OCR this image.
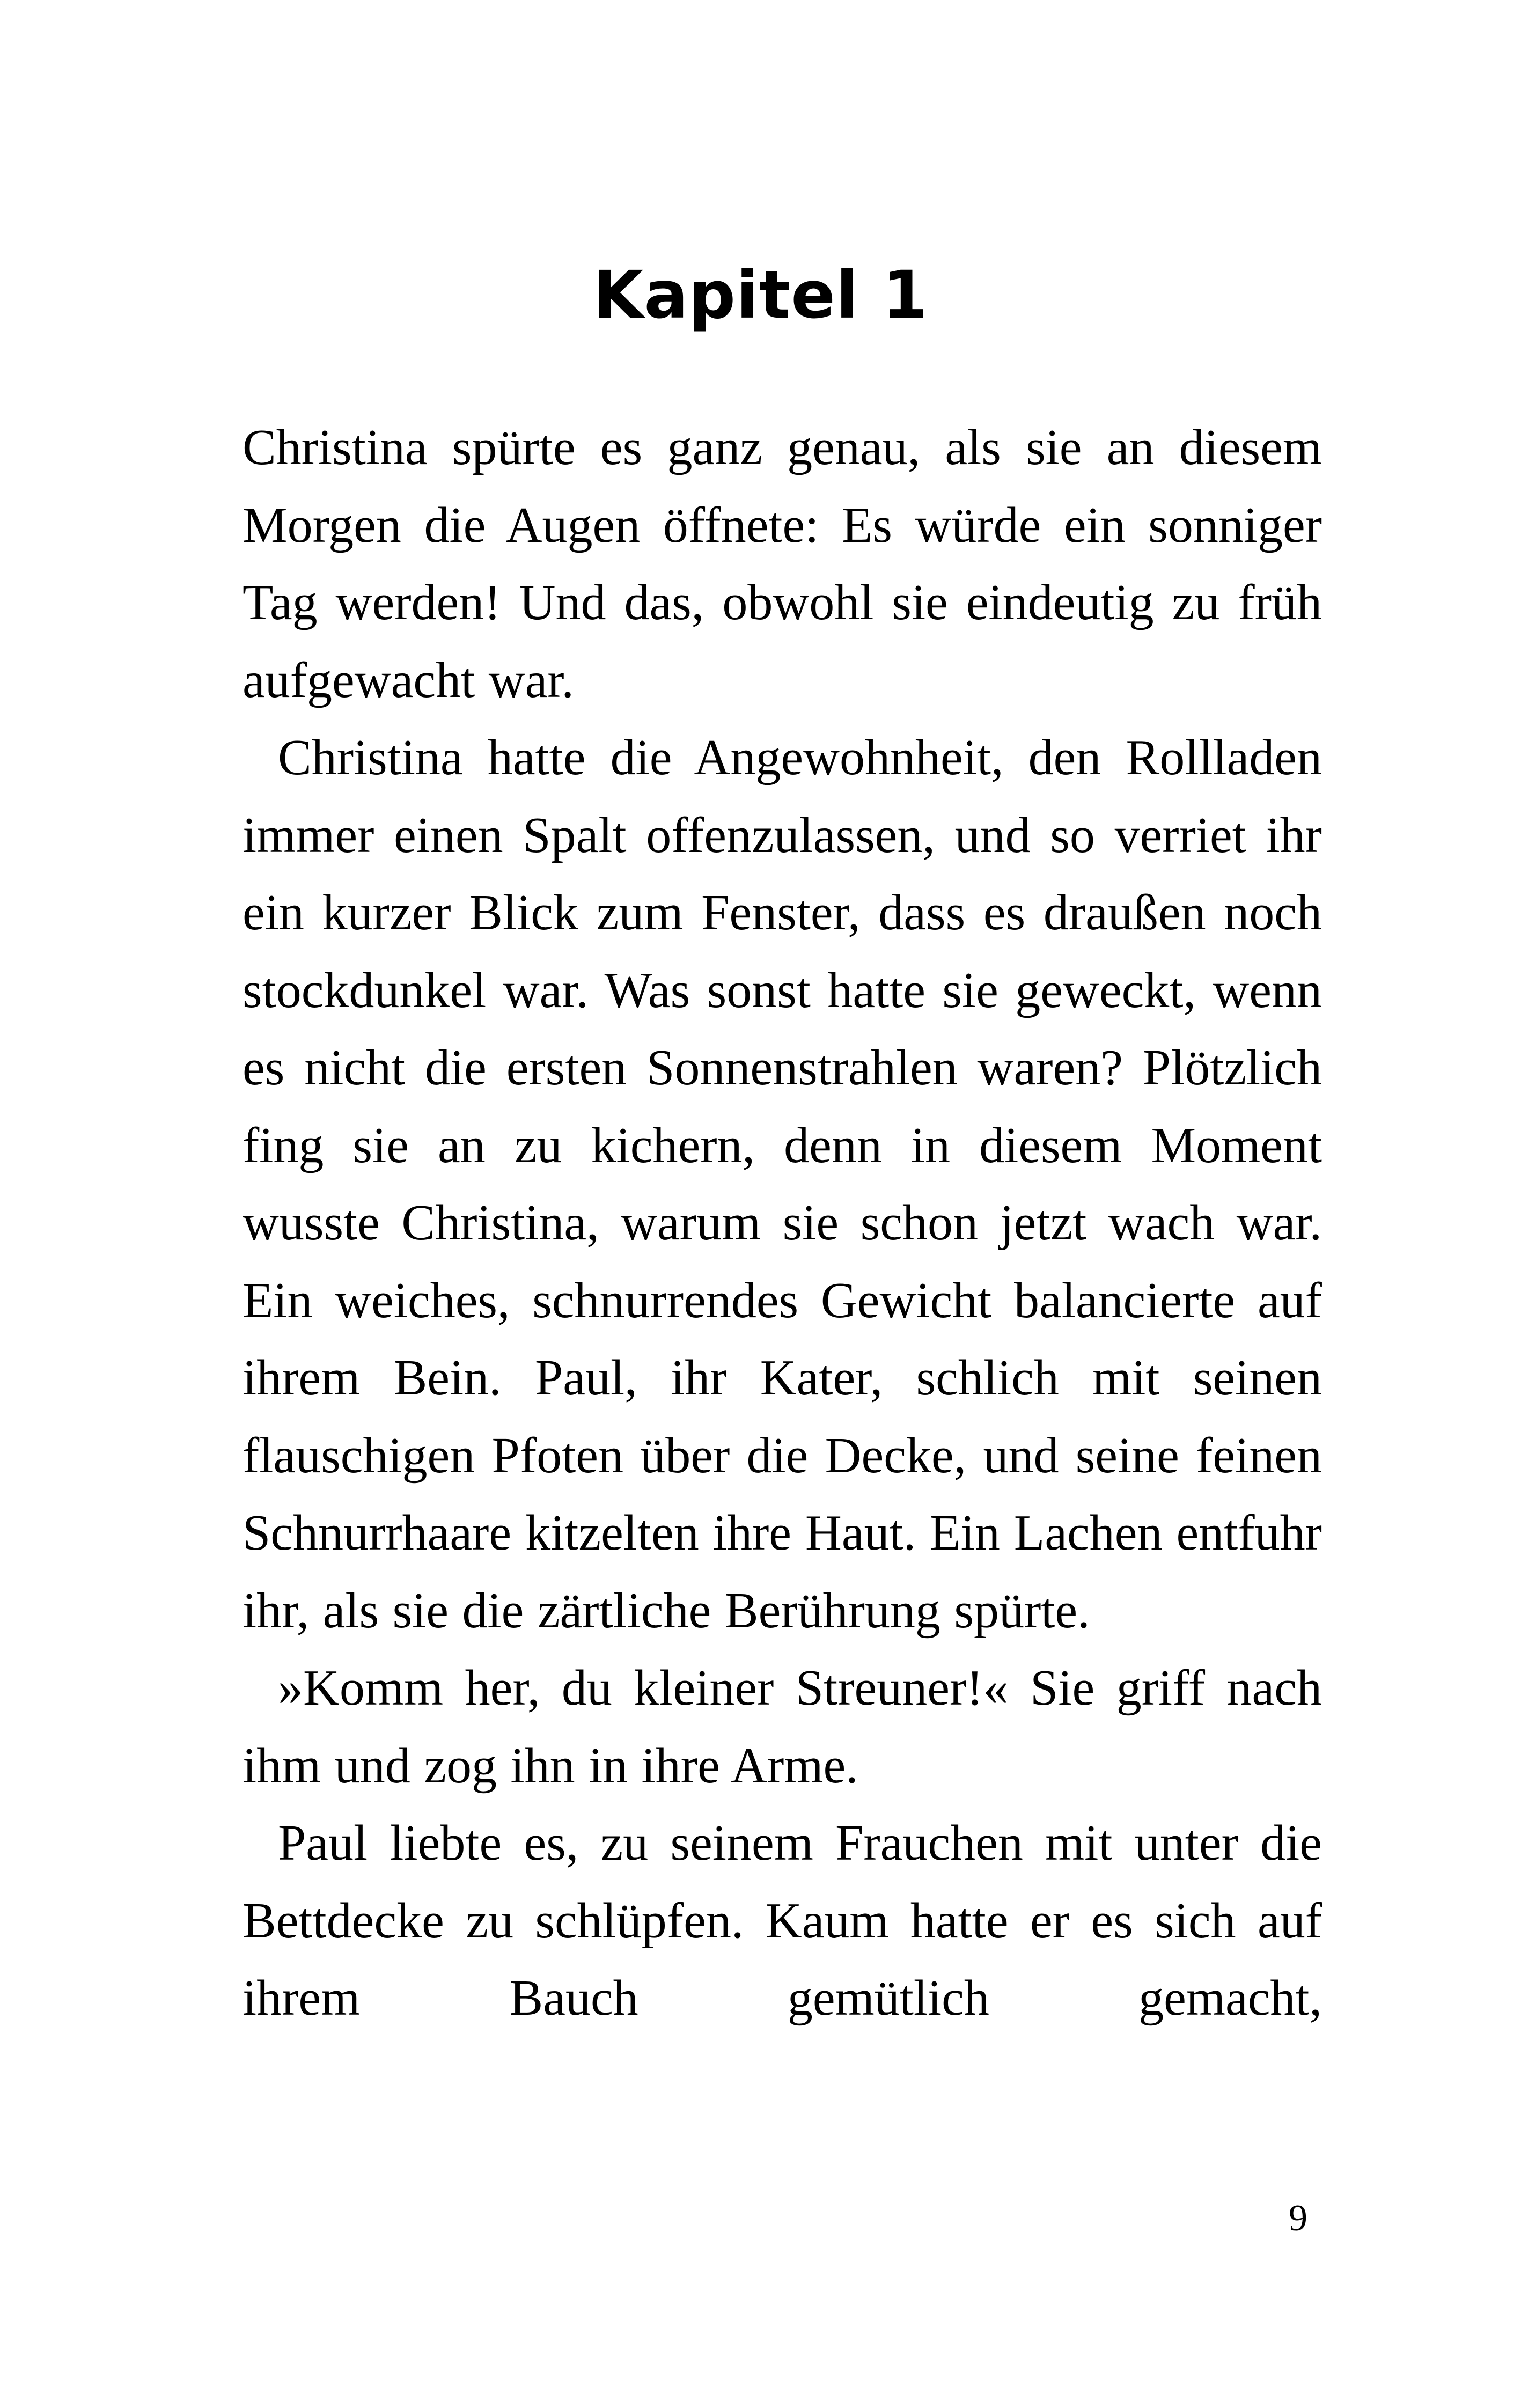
Kapitel 1

Christina spürte es ganz genau, als sie an diesem Morgen die Augen öffnete: Es würde ein sonniger Tag werden! Und das, obwohl sie eindeutig zu früh aufgewacht war.

Christina hatte die Angewohnheit, den Rollladen immer einen Spalt offenzulassen, und so verriet ihr ein kurzer Blick zum Fenster, dass es draußen noch stockdunkel war. Was sonst hatte sie geweckt, wenn es nicht die ersten Sonnenstrahlen waren? Plötzlich fing sie an zu kichern, denn in diesem Moment wusste Christina, warum sie schon jetzt wach war. Ein weiches, schnurrendes Gewicht balancierte auf ihrem Bein. Paul, ihr Kater, schlich mit seinen flauschigen Pfoten über die Decke, und seine feinen Schnurrhaare kitzelten ihre Haut. Ein Lachen entfuhr ihr, als sie die zärtliche Berührung spürte.

»Komm her, du kleiner Streuner!« Sie griff nach ihm und zog ihn in ihre Arme.

Paul liebte es, zu seinem Frauchen mit unter die Bettdecke zu schlüpfen. Kaum hatte er es sich auf ihrem Bauch gemütlich gemacht,

9
